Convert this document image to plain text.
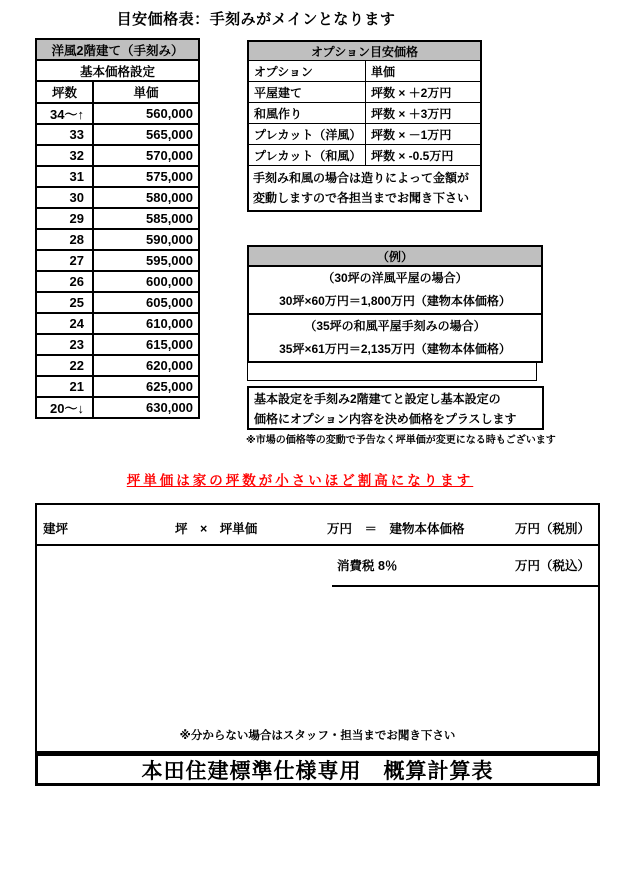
目安価格表：手刻みがメインとなります
洋風2階建て（手刻み）	
基本価格設定	
坪数	単価
34～↑	560,000
33	565,000
32	570,000
31	575,000
30	580,000
29	585,000
28	590,000
27	595,000
26	600,000
25	605,000
24	610,000
23	615,000
22	620,000
21	625,000
20～↓	630,000
オプション目安価格	
オプション	単価
平屋建て	坪数 × ＋2万円
和風作り	坪数 × ＋3万円
プレカット（洋風）	坪数 × －1万円
プレカット（和風）	坪数 × -0.5万円

手刻み和風の場合は造りによって金額が
変動しますので各担当までお聞き下さい	
（例）

（30坪の洋風平屋の場合）
30坪×60万円＝1,800万円（建物本体価格）

（35坪の和風平屋手刻みの場合）
35坪×61万円＝2,135万円（建物本体価格）
基本設定を手刻み2階建てと設定し基本設定の
価格にオプション内容を決め価格をプラスします
※市場の価格等の変動で予告なく坪単価が変更になる時もございます
坪単価は家の坪数が小さいほど割高になります
建坪	坪　×　坪単価	万円　＝　建物本体価格	万円（税別）
消費税 8％	万円（税込）
※分からない場合はスタッフ・担当までお聞き下さい
本田住建標準仕様専用　概算計算表
